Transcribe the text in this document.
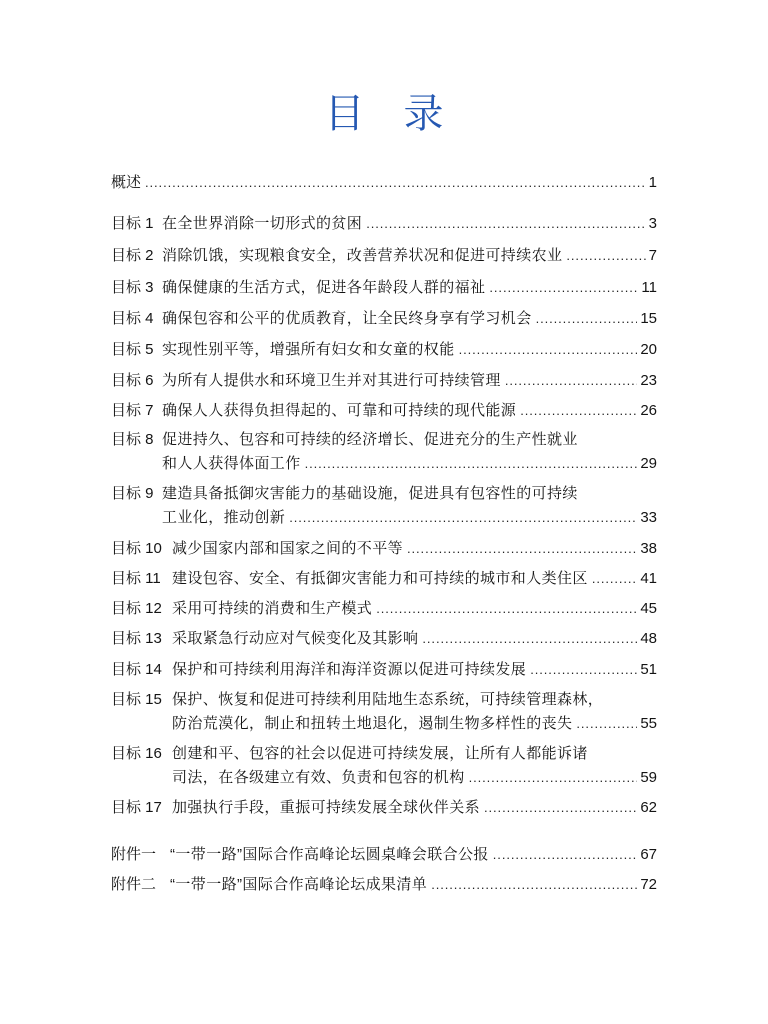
目 录
概述 .....	1
目标 1 在全世界消除一切形式的贫困 .....	3
目标 2 消除饥饿，实现粮食安全，改善营养状况和促进可持续农业 .....	7
目标 3 确保健康的生活方式，促进各年龄段人群的福祉 .....	11
目标 4 确保包容和公平的优质教育，让全民终身享有学习机会 .....	15
目标 5 实现性别平等，增强所有妇女和女童的权能 .....	20
目标 6 为所有人提供水和环境卫生并对其进行可持续管理 .....	23
目标 7 确保人人获得负担得起的、可靠和可持续的现代能源 .....	26
目标 8 促进持久、包容和可持续的经济增长、促进充分的生产性就业
和人人获得体面工作 .....	29
目标 9 建造具备抵御灾害能力的基础设施，促进具有包容性的可持续
工业化，推动创新 .....	33
目标 10 减少国家内部和国家之间的不平等 .....	38
目标 11 建设包容、安全、有抵御灾害能力和可持续的城市和人类住区 .....	41
目标 12 采用可持续的消费和生产模式 .....	45
目标 13 采取紧急行动应对气候变化及其影响 .....	48
目标 14 保护和可持续利用海洋和海洋资源以促进可持续发展 .....	51
目标 15 保护、恢复和促进可持续利用陆地生态系统，可持续管理森林，
防治荒漠化，制止和扭转土地退化，遏制生物多样性的丧失 .....	55
目标 16 创建和平、包容的社会以促进可持续发展，让所有人都能诉诸
司法，在各级建立有效、负责和包容的机构 .....	59
目标 17 加强执行手段，重振可持续发展全球伙伴关系 .....	62
附件一 “一带一路”国际合作高峰论坛圆桌峰会联合公报 .....	67
附件二 “一带一路”国际合作高峰论坛成果清单 .....	72
